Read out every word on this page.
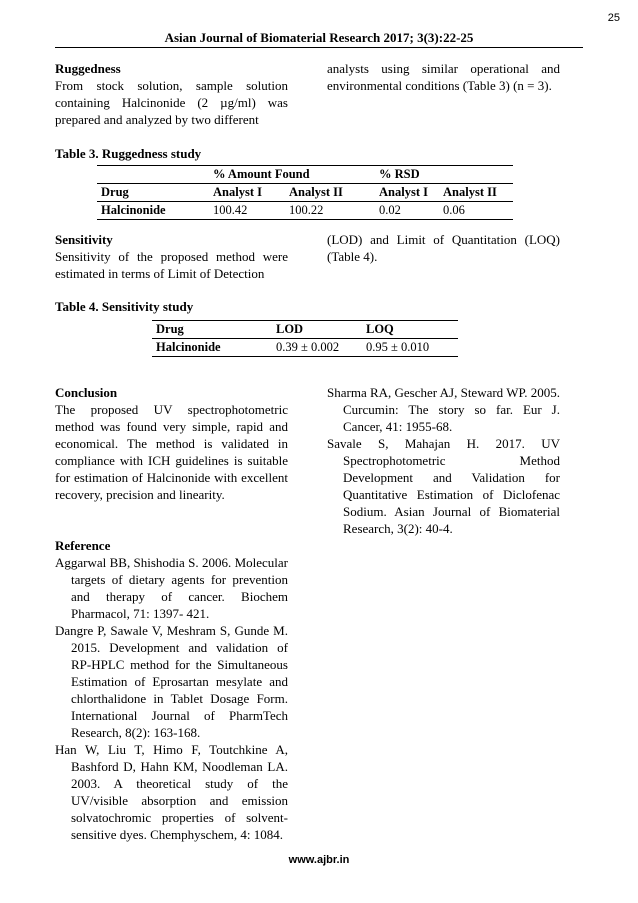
25
Asian Journal of Biomaterial Research 2017; 3(3):22-25
Ruggedness

From stock solution, sample solution containing Halcinonide (2 µg/ml) was prepared and analyzed by two different

analysts using similar operational and environmental conditions (Table 3) (n = 3).

Table 3. Ruggedness study
	% Amount Found		% RSD	
Drug	Analyst I	Analyst II	Analyst I	Analyst II
Halcinonide	100.42	100.22	0.02	0.06
Sensitivity

Sensitivity of the proposed method were estimated in terms of Limit of Detection

(LOD) and Limit of Quantitation (LOQ) (Table 4).

Table 4. Sensitivity study
Drug	LOD	LOQ
Halcinonide	0.39 ± 0.002	0.95 ± 0.010
Conclusion

The proposed UV spectrophotometric method was found very simple, rapid and economical. The method is validated in compliance with ICH guidelines is suitable for estimation of Halcinonide with excellent recovery, precision and linearity.

Reference

Aggarwal BB, Shishodia S. 2006. Molecular targets of dietary agents for prevention and therapy of cancer. Biochem Pharmacol, 71: 1397- 421.

Dangre P, Sawale V, Meshram S, Gunde M. 2015. Development and validation of RP-HPLC method for the Simultaneous Estimation of Eprosartan mesylate and chlorthalidone in Tablet Dosage Form. International Journal of PharmTech Research, 8(2): 163-168.

Han W, Liu T, Himo F, Toutchkine A, Bashford D, Hahn KM, Noodleman LA. 2003. A theoretical study of the UV/visible absorption and emission solvatochromic properties of solvent-sensitive dyes. Chemphyschem, 4: 1084.

Sharma RA, Gescher AJ, Steward WP. 2005. Curcumin: The story so far. Eur J. Cancer, 41: 1955-68.

Savale S, Mahajan H. 2017. UV Spectrophotometric Method Development and Validation for Quantitative Estimation of Diclofenac Sodium. Asian Journal of Biomaterial Research, 3(2): 40-4.

www.ajbr.in
